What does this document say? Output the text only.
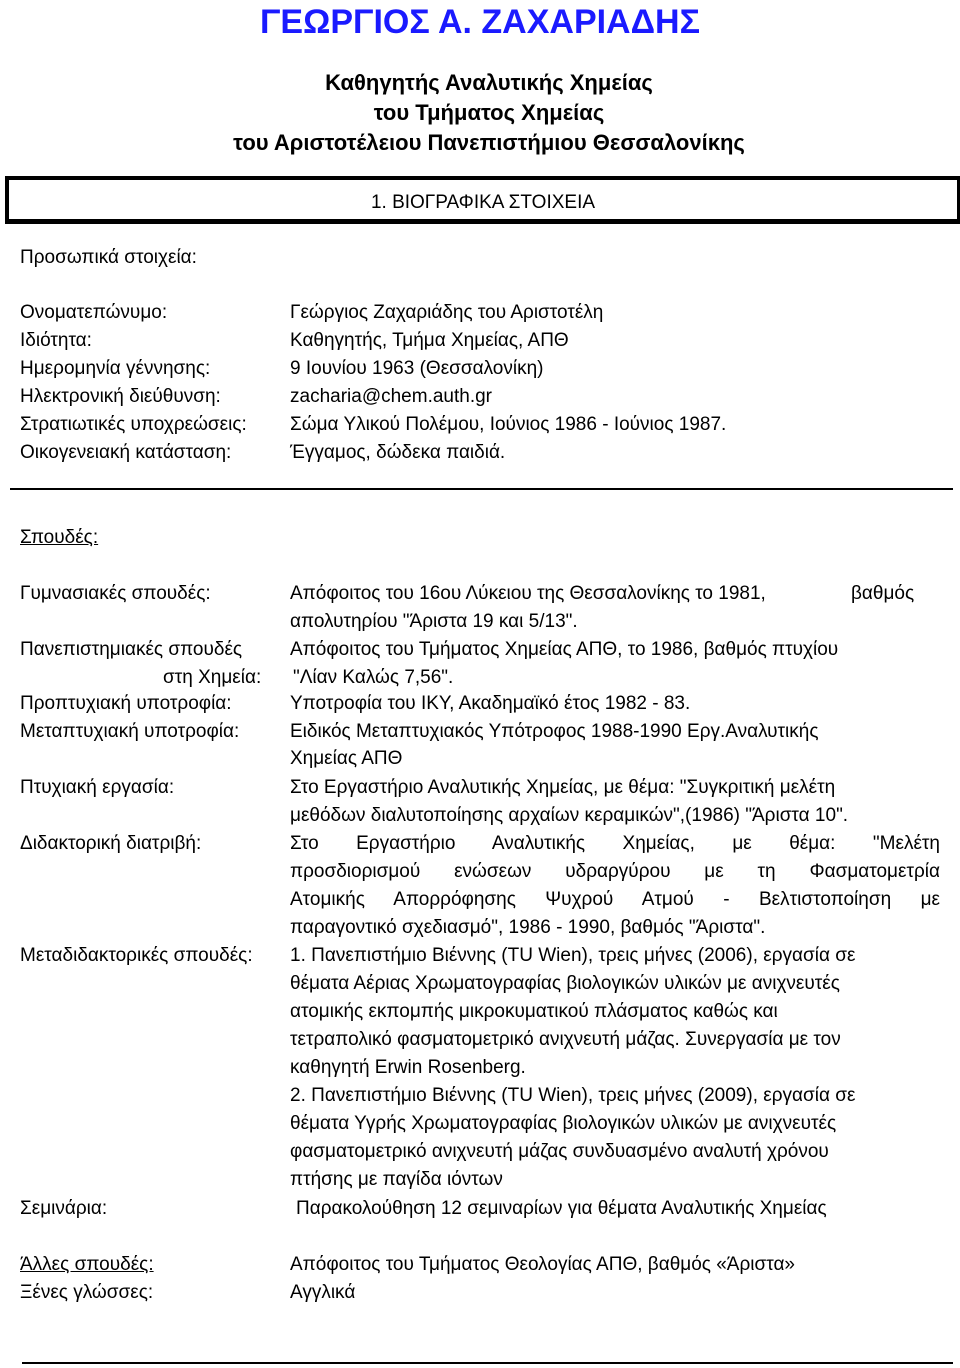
ΓΕΩΡΓΙΟΣ Α. ΖΑΧΑΡΙΑΔΗΣ
Καθηγητής Αναλυτικής Χημείας
του Τμήματος Χημείας
του Αριστοτέλειου Πανεπιστήμιου Θεσσαλονίκης
1. ΒΙΟΓΡΑΦΙΚΑ ΣΤΟΙΧΕΙΑ
Προσωπικά στοιχεία:
Ονοματεπώνυμο:	Γεώργιος Ζαχαριάδης του Αριστοτέλη
Ιδιότητα:	Καθηγητής, Τμήμα Χημείας, ΑΠΘ
Ημερομηνία γέννησης:	9 Ιουνίου 1963 (Θεσσαλονίκη)
Ηλεκτρονική διεύθυνση:	zacharia@chem.auth.gr
Στρατιωτικές υποχρεώσεις: Σώμα Υλικού Πολέμου, Ιούνιος 1986 - Ιούνιος 1987.
Οικογενειακή κατάσταση:	Έγγαμος, δώδεκα παιδιά.
Σπουδές:
Γυμνασιακές σπουδές:	Απόφοιτος του 16ου Λύκειου της Θεσσαλονίκης το 1981,	βαθμός
απολυτηρίου "Άριστα 19 και 5/13".
Πανεπιστημιακές σπουδές	Απόφοιτος του Τμήματος Χημείας ΑΠΘ, το 1986, βαθμός πτυχίου
στη Χημεία: "Λίαν Καλώς 7,56".
Προπτυχιακή υποτροφία:	Υποτροφία του ΙΚΥ, Ακαδημαϊκό έτος 1982 - 83.
Μεταπτυχιακή υποτροφία:	Ειδικός Μεταπτυχιακός Υπότροφος 1988-1990 Εργ.Αναλυτικής
Χημείας ΑΠΘ
Πτυχιακή εργασία:	Στο Εργαστήριο Αναλυτικής Χημείας, με θέμα: "Συγκριτική μελέτη
μεθόδων διαλυτοποίησης αρχαίων κεραμικών",(1986) "Άριστα 10".
Διδακτορική διατριβή:	Στο Εργαστήριο Αναλυτικής Χημείας, με θέμα: "Μελέτη
προσδιορισμού ενώσεων υδραργύρου με τη Φασματομετρία
Ατομικής Απορρόφησης Ψυχρού Ατμού - Βελτιστοποίηση με
παραγοντικό σχεδιασμό", 1986 - 1990, βαθμός "Άριστα".
Μεταδιδακτορικές σπουδές: 1. Πανεπιστήμιο Βιέννης (TU Wien), τρεις μήνες (2006), εργασία σε
θέματα Αέριας Χρωματογραφίας βιολογικών υλικών με ανιχνευτές
ατομικής εκπομπής μικροκυματικού πλάσματος καθώς και
τετραπολικό φασματομετρικό ανιχνευτή μάζας. Συνεργασία με τον
καθηγητή Erwin Rosenberg.
2. Πανεπιστήμιο Βιέννης (TU Wien), τρεις μήνες (2009), εργασία σε
θέματα Υγρής Χρωματογραφίας βιολογικών υλικών με ανιχνευτές
φασματομετρικό ανιχνευτή μάζας συνδυασμένο αναλυτή χρόνου
πτήσης με παγίδα ιόντων
Σεμινάρια:	Παρακολούθηση 12 σεμιναρίων για θέματα Αναλυτικής Χημείας
Άλλες σπουδές:	Απόφοιτος του Τμήματος Θεολογίας ΑΠΘ, βαθμός «Άριστα»
Ξένες γλώσσες:	Αγγλικά
